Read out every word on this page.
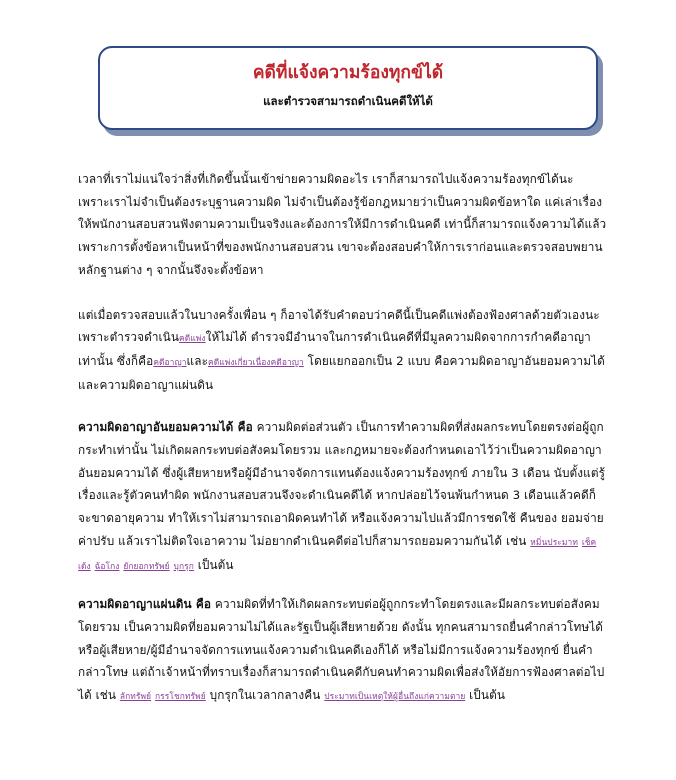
คดีที่แจ้งความร้องทุกข์ได้
และตำรวจสามารถดำเนินคดีให้ได้

เวลาที่เราไม่แน่ใจว่าสิ่งที่เกิดขึ้นนั้นเข้าข่ายความผิดอะไร เราก็สามารถไปแจ้งความร้องทุกข์ได้นะ เพราะเราไม่จำเป็นต้องระบุฐานความผิด ไม่จำเป็นต้องรู้ข้อกฎหมายว่าเป็นความผิดข้อหาใด แค่เล่าเรื่องให้พนักงานสอบสวนฟังตามความเป็นจริงและต้องการให้มีการดำเนินคดี เท่านี้ก็สามารถแจ้งความได้แล้ว เพราะการตั้งข้อหาเป็นหน้าที่ของพนักงานสอบสวน เขาจะต้องสอบคำให้การเราก่อนและตรวจสอบพยานหลักฐานต่าง ๆ จากนั้นจึงจะตั้งข้อหา

แต่เมื่อตรวจสอบแล้วในบางครั้งเพื่อน ๆ ก็อาจได้รับคำตอบว่าคดีนี้เป็นคดีแพ่งต้องฟ้องศาลด้วยตัวเองนะ เพราะตำรวจดำเนินคดีแพ่งให้ไม่ได้ ตำรวจมีอำนาจในการดำเนินคดีที่มีมูลความผิดจากการกำคดีอาญาเท่านั้น ซึ่งก็คือคดีอาญาและคดีแพ่งเกี่ยวเนื่องคดีอาญา โดยแยกออกเป็น 2 แบบ คือความผิดอาญาอันยอมความได้ และความผิดอาญาแผ่นดิน

ความผิดอาญาอันยอมความได้ คือ ความผิดต่อส่วนตัว เป็นการทำความผิดที่ส่งผลกระทบโดยตรงต่อผู้ถูกกระทำเท่านั้น ไม่เกิดผลกระทบต่อสังคมโดยรวม และกฎหมายจะต้องกำหนดเอาไว้ว่าเป็นความผิดอาญาอันยอมความได้ ซึ่งผู้เสียหายหรือผู้มีอำนาจจัดการแทนต้องแจ้งความร้องทุกข์ ภายใน 3 เดือน นับตั้งแต่รู้เรื่องและรู้ตัวคนทำผิด พนักงานสอบสวนจึงจะดำเนินคดีได้ หากปล่อยไว้จนพ้นกำหนด 3 เดือนแล้วคดีก็จะขาดอายุความ ทำให้เราไม่สามารถเอาผิดคนทำได้ หรือแจ้งความไปแล้วมีการชดใช้ คืนของ ยอมจ่ายค่าปรับ แล้วเราไม่ติดใจเอาความ ไม่อยากดำเนินคดีต่อไปก็สามารถยอมความกันได้ เช่น หมิ่นประมาท เช็คเด้ง ฉ้อโกง ยักยอกทรัพย์ บุกรุก เป็นต้น

ความผิดอาญาแผ่นดิน คือ ความผิดที่ทำให้เกิดผลกระทบต่อผู้ถูกกระทำโดยตรงและมีผลกระทบต่อสังคมโดยรวม เป็นความผิดที่ยอมความไม่ได้และรัฐเป็นผู้เสียหายด้วย ดังนั้น ทุกคนสามารถยื่นคำกล่าวโทษได้ หรือผู้เสียหาย/ผู้มีอำนาจจัดการแทนแจ้งความดำเนินคดีเองก็ได้ หรือไม่มีการแจ้งความร้องทุกข์ ยื่นคำกล่าวโทษ แต่ถ้าเจ้าหน้าที่ทราบเรื่องก็สามารถดำเนินคดีกับคนทำความผิดเพื่อส่งให้อัยการฟ้องศาลต่อไปได้ เช่น ลักทรัพย์ กรรโชกทรัพย์ บุกรุกในเวลากลางคืน ประมาทเป็นเหตุให้ผู้อื่นถึงแก่ความตาย เป็นต้น
